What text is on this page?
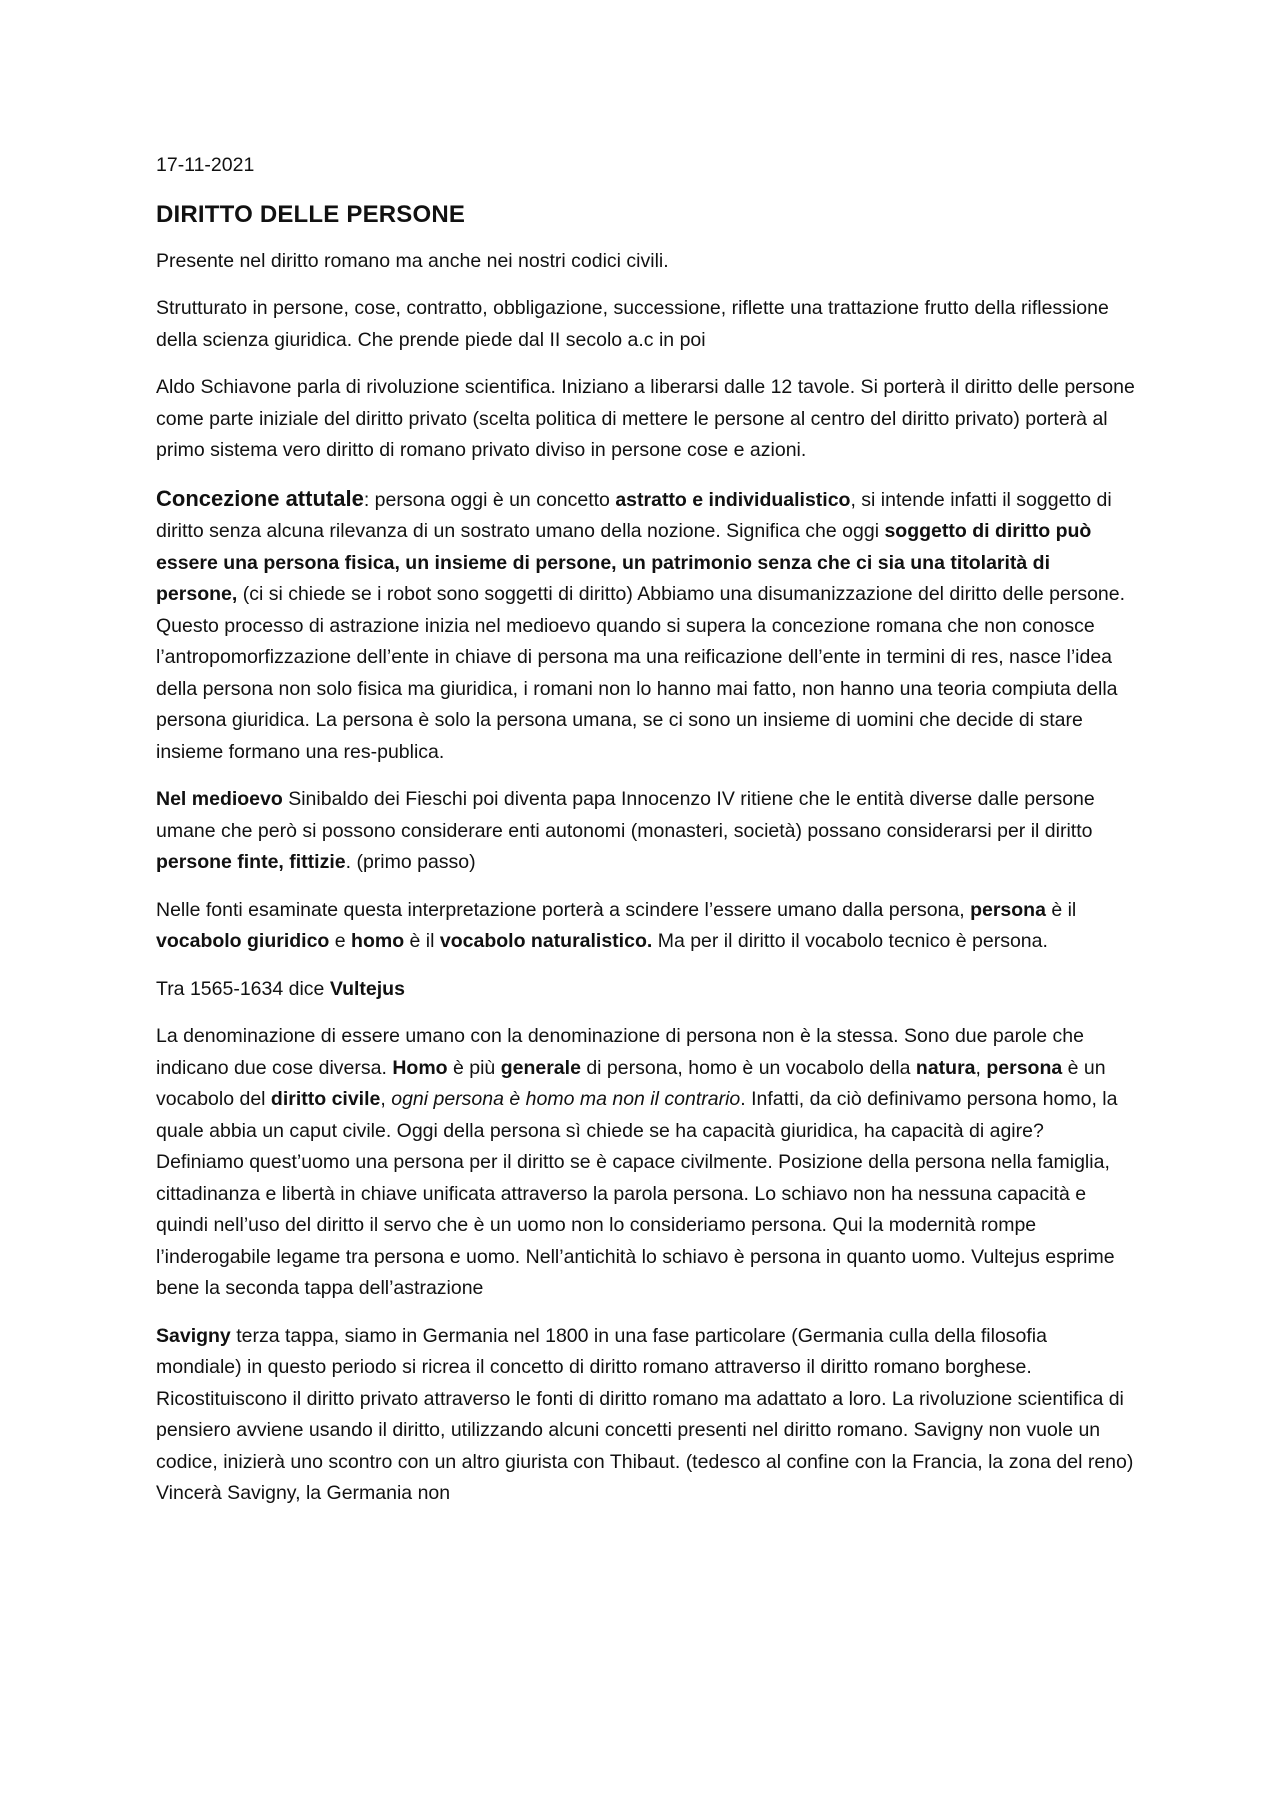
17-11-2021
DIRITTO DELLE PERSONE

Presente nel diritto romano ma anche nei nostri codici civili.

Strutturato in persone, cose, contratto, obbligazione, successione, riflette una trattazione frutto della riflessione della scienza giuridica. Che prende piede dal II secolo a.c in poi

Aldo Schiavone parla di rivoluzione scientifica. Iniziano a liberarsi dalle 12 tavole. Si porterà il diritto delle persone come parte iniziale del diritto privato (scelta politica di mettere le persone al centro del diritto privato) porterà al primo sistema vero diritto di romano privato diviso in persone cose e azioni.

Concezione attutale: persona oggi è un concetto astratto e individualistico, si intende infatti il soggetto di diritto senza alcuna rilevanza di un sostrato umano della nozione. Significa che oggi soggetto di diritto può essere una persona fisica, un insieme di persone, un patrimonio senza che ci sia una titolarità di persone, (ci si chiede se i robot sono soggetti di diritto) Abbiamo una disumanizzazione del diritto delle persone. Questo processo di astrazione inizia nel medioevo quando si supera la concezione romana che non conosce l’antropomorfizzazione dell’ente in chiave di persona ma una reificazione dell’ente in termini di res, nasce l’idea della persona non solo fisica ma giuridica, i romani non lo hanno mai fatto, non hanno una teoria compiuta della persona giuridica. La persona è solo la persona umana, se ci sono un insieme di uomini che decide di stare insieme formano una res-publica.

Nel medioevo Sinibaldo dei Fieschi poi diventa papa Innocenzo IV ritiene che le entità diverse dalle persone umane che però si possono considerare enti autonomi (monasteri, società) possano considerarsi per il diritto persone finte, fittizie. (primo passo)

Nelle fonti esaminate questa interpretazione porterà a scindere l’essere umano dalla persona, persona è il vocabolo giuridico e homo è il vocabolo naturalistico. Ma per il diritto il vocabolo tecnico è persona.

Tra 1565-1634 dice Vultejus

La denominazione di essere umano con la denominazione di persona non è la stessa. Sono due parole che indicano due cose diversa. Homo è più generale di persona, homo è un vocabolo della natura, persona è un vocabolo del diritto civile, ogni persona è homo ma non il contrario. Infatti, da ciò definivamo persona homo, la quale abbia un caput civile. Oggi della persona sì chiede se ha capacità giuridica, ha capacità di agire? Definiamo quest’uomo una persona per il diritto se è capace civilmente. Posizione della persona nella famiglia, cittadinanza e libertà in chiave unificata attraverso la parola persona. Lo schiavo non ha nessuna capacità e quindi nell’uso del diritto il servo che è un uomo non lo consideriamo persona. Qui la modernità rompe l’inderogabile legame tra persona e uomo. Nell’antichità lo schiavo è persona in quanto uomo. Vultejus esprime bene la seconda tappa dell’astrazione

Savigny terza tappa, siamo in Germania nel 1800 in una fase particolare (Germania culla della filosofia mondiale) in questo periodo si ricrea il concetto di diritto romano attraverso il diritto romano borghese. Ricostituiscono il diritto privato attraverso le fonti di diritto romano ma adattato a loro. La rivoluzione scientifica di pensiero avviene usando il diritto, utilizzando alcuni concetti presenti nel diritto romano. Savigny non vuole un codice, inizierà uno scontro con un altro giurista con Thibaut. (tedesco al confine con la Francia, la zona del reno) Vincerà Savigny, la Germania non
